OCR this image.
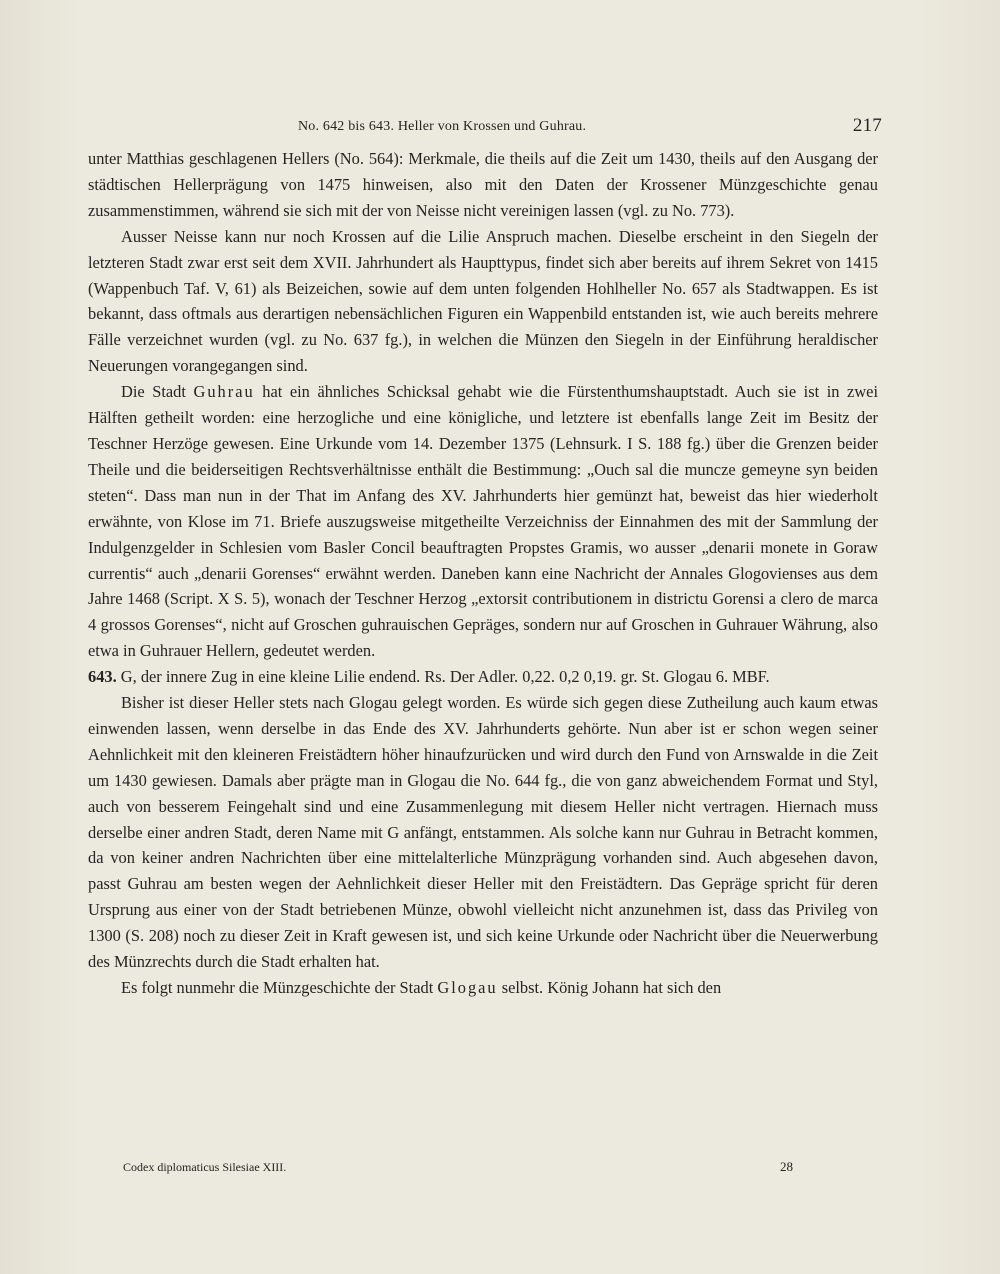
No. 642 bis 643. Heller von Krossen und Guhrau.	217

unter Matthias geschlagenen Hellers (No. 564): Merkmale, die theils auf die Zeit um 1430, theils auf den Ausgang der städtischen Hellerprägung von 1475 hinweisen, also mit den Daten der Krossener Münzgeschichte genau zusammenstimmen, während sie sich mit der von Neisse nicht vereinigen lassen (vgl. zu No. 773).

Ausser Neisse kann nur noch Krossen auf die Lilie Anspruch machen. Dieselbe erscheint in den Siegeln der letzteren Stadt zwar erst seit dem XVII. Jahrhundert als Haupttypus, findet sich aber bereits auf ihrem Sekret von 1415 (Wappenbuch Taf. V, 61) als Beizeichen, sowie auf dem unten folgenden Hohlheller No. 657 als Stadtwappen. Es ist bekannt, dass oftmals aus derartigen nebensächlichen Figuren ein Wappenbild entstanden ist, wie auch bereits mehrere Fälle verzeichnet wurden (vgl. zu No. 637 fg.), in welchen die Münzen den Siegeln in der Einführung heraldischer Neuerungen vorangegangen sind.

Die Stadt Guhrau hat ein ähnliches Schicksal gehabt wie die Fürstenthumshauptstadt. Auch sie ist in zwei Hälften getheilt worden: eine herzogliche und eine königliche, und letztere ist ebenfalls lange Zeit im Besitz der Teschner Herzöge gewesen. Eine Urkunde vom 14. Dezember 1375 (Lehnsurk. I S. 188 fg.) über die Grenzen beider Theile und die beiderseitigen Rechtsverhältnisse enthält die Bestimmung: „Ouch sal die muncze gemeyne syn beiden steten“. Dass man nun in der That im Anfang des XV. Jahrhunderts hier gemünzt hat, beweist das hier wiederholt erwähnte, von Klose im 71. Briefe auszugsweise mitgetheilte Verzeichniss der Einnahmen des mit der Sammlung der Indulgenzgelder in Schlesien vom Basler Concil beauftragten Propstes Gramis, wo ausser „denarii monete in Goraw currentis“ auch „denarii Gorenses“ erwähnt werden. Daneben kann eine Nachricht der Annales Glogovienses aus dem Jahre 1468 (Script. X S. 5), wonach der Teschner Herzog „extorsit contributionem in districtu Gorensi a clero de marca 4 grossos Gorenses“, nicht auf Groschen guhrauischen Gepräges, sondern nur auf Groschen in Guhrauer Währung, also etwa in Guhrauer Hellern, gedeutet werden.

643. G, der innere Zug in eine kleine Lilie endend. Rs. Der Adler. 0,22. 0,2 0,19. gr. St. Glogau 6. MBF.

Bisher ist dieser Heller stets nach Glogau gelegt worden. Es würde sich gegen diese Zutheilung auch kaum etwas einwenden lassen, wenn derselbe in das Ende des XV. Jahrhunderts gehörte. Nun aber ist er schon wegen seiner Aehnlichkeit mit den kleineren Freistädtern höher hinaufzurücken und wird durch den Fund von Arnswalde in die Zeit um 1430 gewiesen. Damals aber prägte man in Glogau die No. 644 fg., die von ganz abweichendem Format und Styl, auch von besserem Feingehalt sind und eine Zusammenlegung mit diesem Heller nicht vertragen. Hiernach muss derselbe einer andren Stadt, deren Name mit G anfängt, entstammen. Als solche kann nur Guhrau in Betracht kommen, da von keiner andren Nachrichten über eine mittelalterliche Münzprägung vorhanden sind. Auch abgesehen davon, passt Guhrau am besten wegen der Aehnlichkeit dieser Heller mit den Freistädtern. Das Gepräge spricht für deren Ursprung aus einer von der Stadt betriebenen Münze, obwohl vielleicht nicht anzunehmen ist, dass das Privileg von 1300 (S. 208) noch zu dieser Zeit in Kraft gewesen ist, und sich keine Urkunde oder Nachricht über die Neuerwerbung des Münzrechts durch die Stadt erhalten hat.

Es folgt nunmehr die Münzgeschichte der Stadt Glogau selbst. König Johann hat sich den

Codex diplomaticus Silesiae XIII.	28
